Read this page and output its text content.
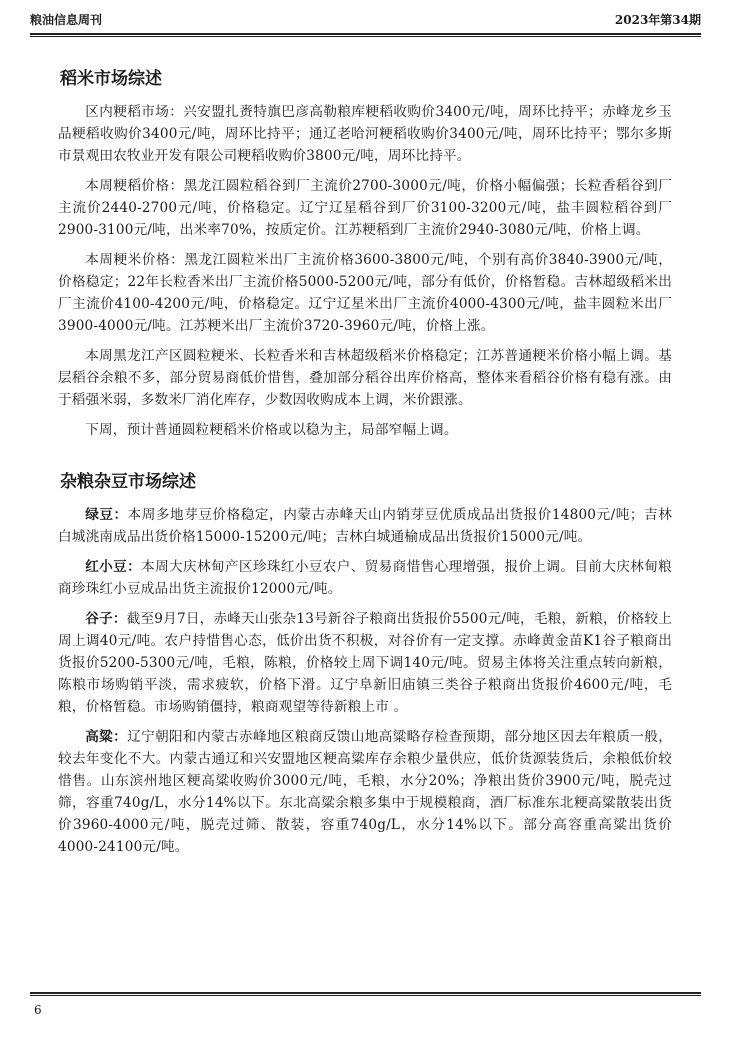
粮油信息周刊	2023年第34期
稻米市场综述

区内粳稻市场：兴安盟扎赉特旗巴彦高勒粮库粳稻收购价3400元/吨，周环比持平；赤峰龙乡玉品粳稻收购价3400元/吨，周环比持平；通辽老哈河粳稻收购价3400元/吨，周环比持平；鄂尔多斯市景观田农牧业开发有限公司粳稻收购价3800元/吨，周环比持平。

本周粳稻价格：黑龙江圆粒稻谷到厂主流价2700-3000元/吨，价格小幅偏强；长粒香稻谷到厂主流价2440-2700元/吨，价格稳定。辽宁辽星稻谷到厂价3100-3200元/吨，盐丰圆粒稻谷到厂2900-3100元/吨，出米率70%，按质定价。江苏粳稻到厂主流价2940-3080元/吨，价格上调。

本周粳米价格：黑龙江圆粒米出厂主流价格3600-3800元/吨，个别有高价3840-3900元/吨，价格稳定；22年长粒香米出厂主流价格5000-5200元/吨，部分有低价，价格暂稳。吉林超级稻米出厂主流价4100-4200元/吨，价格稳定。辽宁辽星米出厂主流价4000-4300元/吨，盐丰圆粒米出厂3900-4000元/吨。江苏粳米出厂主流价3720-3960元/吨，价格上涨。

本周黑龙江产区圆粒粳米、长粒香米和吉林超级稻米价格稳定；江苏普通粳米价格小幅上调。基层稻谷余粮不多，部分贸易商低价惜售，叠加部分稻谷出库价格高，整体来看稻谷价格有稳有涨。由于稻强米弱，多数米厂消化库存，少数因收购成本上调，米价跟涨。

下周，预计普通圆粒粳稻米价格或以稳为主，局部窄幅上调。

杂粮杂豆市场综述

绿豆：本周多地芽豆价格稳定，内蒙古赤峰天山内销芽豆优质成品出货报价14800元/吨；吉林白城洮南成品出货价格15000-15200元/吨；吉林白城通榆成品出货报价15000元/吨。

红小豆：本周大庆林甸产区珍珠红小豆农户、贸易商惜售心理增强，报价上调。目前大庆林甸粮商珍珠红小豆成品出货主流报价12000元/吨。

谷子：截至9月7日，赤峰天山张杂13号新谷子粮商出货报价5500元/吨，毛粮，新粮，价格较上周上调40元/吨。农户持惜售心态，低价出货不积极，对谷价有一定支撑。赤峰黄金苗K1谷子粮商出货报价5200-5300元/吨，毛粮，陈粮，价格较上周下调140元/吨。贸易主体将关注重点转向新粮，陈粮市场购销平淡，需求疲软，价格下滑。辽宁阜新旧庙镇三类谷子粮商出货报价4600元/吨，毛粮，价格暂稳。市场购销僵持，粮商观望等待新粮上市 。

高粱：辽宁朝阳和内蒙古赤峰地区粮商反馈山地高粱略存检查预期，部分地区因去年粮质一般，较去年变化不大。内蒙古通辽和兴安盟地区粳高粱库存余粮少量供应，低价货源装货后，余粮低价较惜售。山东滨州地区粳高粱收购价3000元/吨，毛粮，水分20%；净粮出货价3900元/吨，脱壳过筛，容重740g/L，水分14%以下。东北高粱余粮多集中于规模粮商，酒厂标准东北粳高粱散装出货价3960-4000元/吨，脱壳过筛、散装，容重740g/L，水分14%以下。部分高容重高粱出货价4000-24100元/吨。

6
